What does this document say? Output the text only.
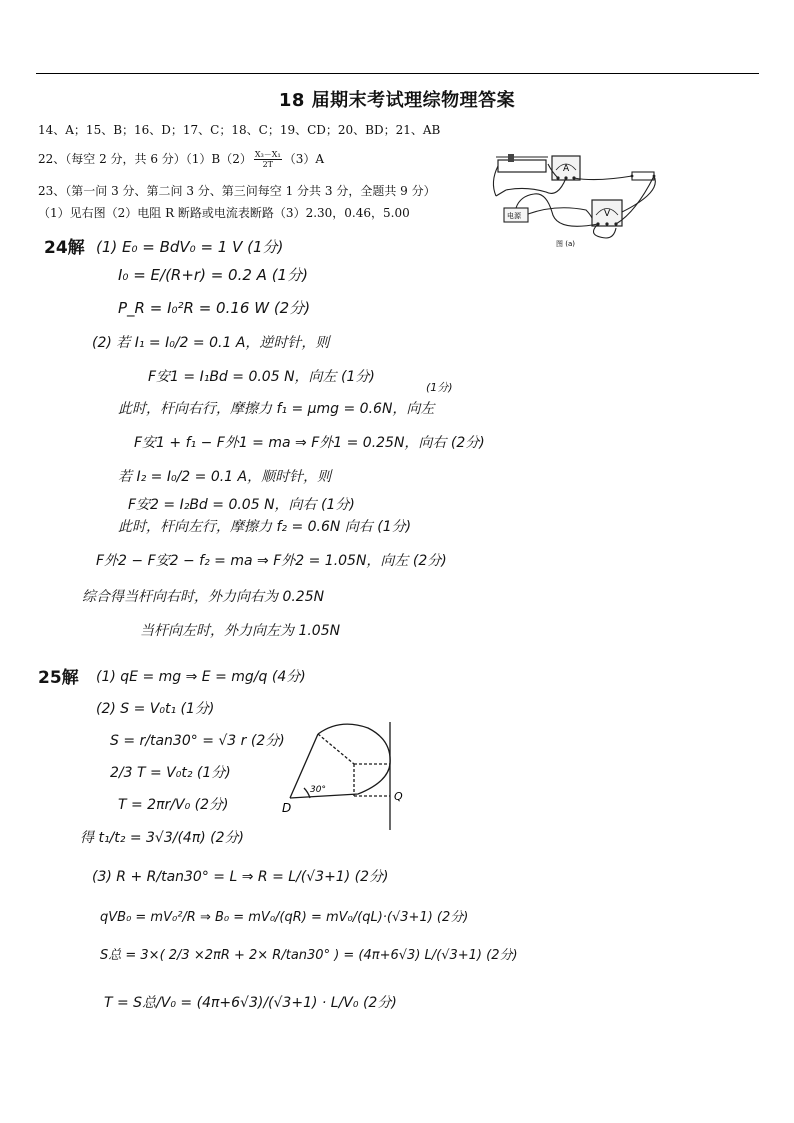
18 届期末考试理综物理答案
14、A；15、B；16、D；17、C；18、C；19、CD；20、BD；21、AB
22、（每空 2 分，共 6 分）$(1)B(2) \frac{\text{X₃－X₁}}{2T} (3)A$
23、（第一问 3 分、第二问 3 分、第三问每空 1 分共 3 分，全题共 9 分）
（1）见右图（2）电阻 R 断路或电流表断路（3）2.30，0.46，5.00
A
电源	V
图 (a)
24解 (1) E₀ = BdV₀ = 1 V (1分)
I₀ = E/(R+r) = 0.2 A (1分)
P_R = I₀²R = 0.16 W (2分)
(2) 若 I₁ = I₀/2 = 0.1 A，逆时针，则
F安1 = I₁Bd = 0.05 N，向左 (1分)
(1分)
此时，杆向右行，摩擦力 f₁ = μmg = 0.6N，向左
F安1 + f₁ − F外1 = ma ⇒ F外1 = 0.25N，向右 (2分)
若 I₂ = I₀/2 = 0.1 A，顺时针，则
F安2 = I₂Bd = 0.05 N，向右 (1分)
此时，杆向左行，摩擦力 f₂ = 0.6N 向右 (1分)
F外2 − F安2 − f₂ = ma ⇒ F外2 = 1.05N，向左 (2分)
综合得当杆向右时，外力向右为 0.25N
当杆向左时，外力向左为 1.05N
25解 (1) qE = mg ⇒ E = mg/q (4分)
(2) S = V₀t₁ (1分)
S = r/tan30° = √3 r (2分)
2/3 T = V₀t₂ (1分)
T = 2πr/V₀ (2分)
得 t₁/t₂ = 3√3/(4π) (2分)
(3) R + R/tan30° = L ⇒ R = L/(√3+1) (2分)
qVB₀ = mV₀²/R ⇒ B₀ = mV₀/(qR) = mV₀/(qL)·(√3+1) (2分)
S总 = 3×( 2/3 ×2πR + 2× R/tan30° ) = (4π+6√3) L/(√3+1) (2分)
T = S总/V₀ = (4π+6√3)/(√3+1) · L/V₀ (2分)
D
Q
30°
